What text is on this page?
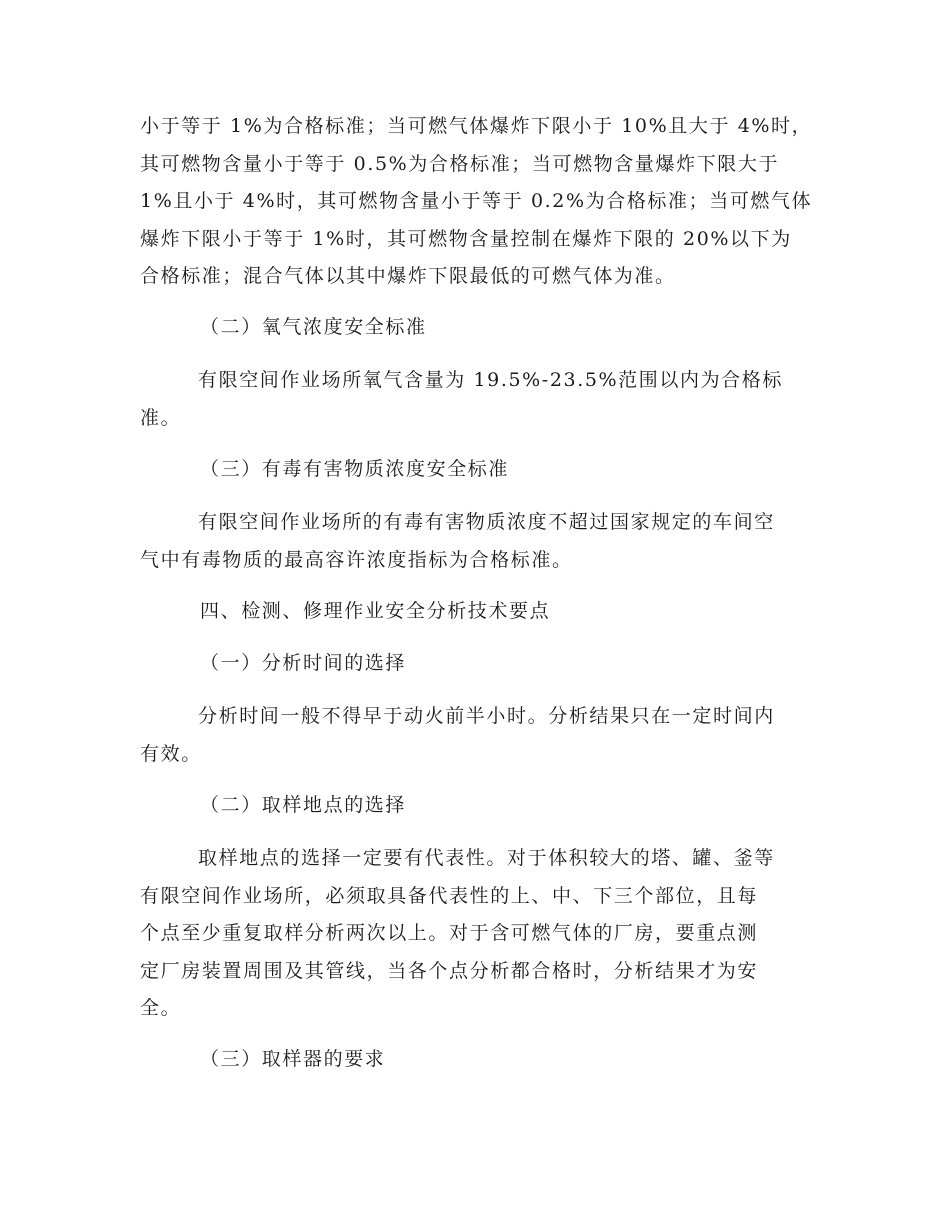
小于等于 1%为合格标准；当可燃气体爆炸下限小于 10%且大于 4%时，
其可燃物含量小于等于 0.5%为合格标准；当可燃物含量爆炸下限大于
1%且小于 4%时，其可燃物含量小于等于 0.2%为合格标准；当可燃气体
爆炸下限小于等于 1%时，其可燃物含量控制在爆炸下限的 20%以下为
合格标准；混合气体以其中爆炸下限最低的可燃气体为准。

（二）氧气浓度安全标准

有限空间作业场所氧气含量为 19.5%-23.5%范围以内为合格标
准。

（三）有毒有害物质浓度安全标准

有限空间作业场所的有毒有害物质浓度不超过国家规定的车间空
气中有毒物质的最高容许浓度指标为合格标准。

四、检测、修理作业安全分析技术要点
（一）分析时间的选择

分析时间一般不得早于动火前半小时。分析结果只在一定时间内
有效。

（二）取样地点的选择

取样地点的选择一定要有代表性。对于体积较大的塔、罐、釜等
有限空间作业场所，必须取具备代表性的上、中、下三个部位，且每
个点至少重复取样分析两次以上。对于含可燃气体的厂房，要重点测
定厂房装置周围及其管线，当各个点分析都合格时，分析结果才为安
全。

（三）取样器的要求
